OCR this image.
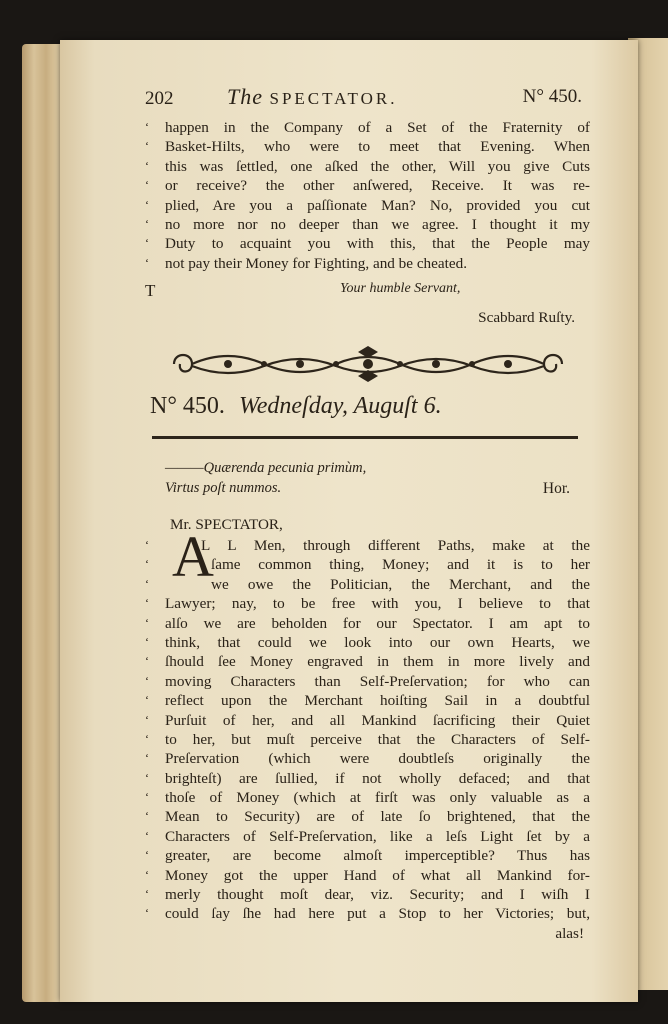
202 The SPECTATOR.	N° 450.
‘	happen in the Company of a Set of the Fraternity of
‘	Basket-Hilts, who were to meet that Evening. When
‘	this was ſettled, one aſked the other, Will you give Cuts
‘	or receive? the other anſwered, Receive. It was re-
‘	plied, Are you a paſſionate Man? No, provided you cut
‘	no more nor no deeper than we agree. I thought it my
‘	Duty to acquaint you with this, that the People may
‘	not pay their Money for Fighting, and be cheated.
T	Your humble Servant,
Scabbard Ruſty.
N° 450. Wedneſday, Auguſt 6.
———Quærenda pecunia primùm,
Virtus poſt nummos.	Hor.
Mr. SPECTATOR,
A
‘	L L Men, through different Paths, make at the
‘	ſame common thing, Money; and it is to her
‘	we owe the Politician, the Merchant, and the
‘	Lawyer; nay, to be free with you, I believe to that
‘	alſo we are beholden for our Spectator. I am apt to
‘	think, that could we look into our own Hearts, we
‘	ſhould ſee Money engraved in them in more lively and
‘	moving Characters than Self-Preſervation; for who can
‘	reflect upon the Merchant hoiſting Sail in a doubtful
‘	Purſuit of her, and all Mankind ſacrificing their Quiet
‘	to her, but muſt perceive that the Characters of Self-
‘	Preſervation (which were doubtleſs originally the
‘	brighteſt) are ſullied, if not wholly defaced; and that
‘	thoſe of Money (which at firſt was only valuable as a
‘	Mean to Security) are of late ſo brightened, that the
‘	Characters of Self-Preſervation, like a leſs Light ſet by a
‘	greater, are become almoſt imperceptible? Thus has
‘	Money got the upper Hand of what all Mankind for-
‘	merly thought moſt dear, viz. Security; and I wiſh I
‘	could ſay ſhe had here put a Stop to her Victories; but,
alas!
